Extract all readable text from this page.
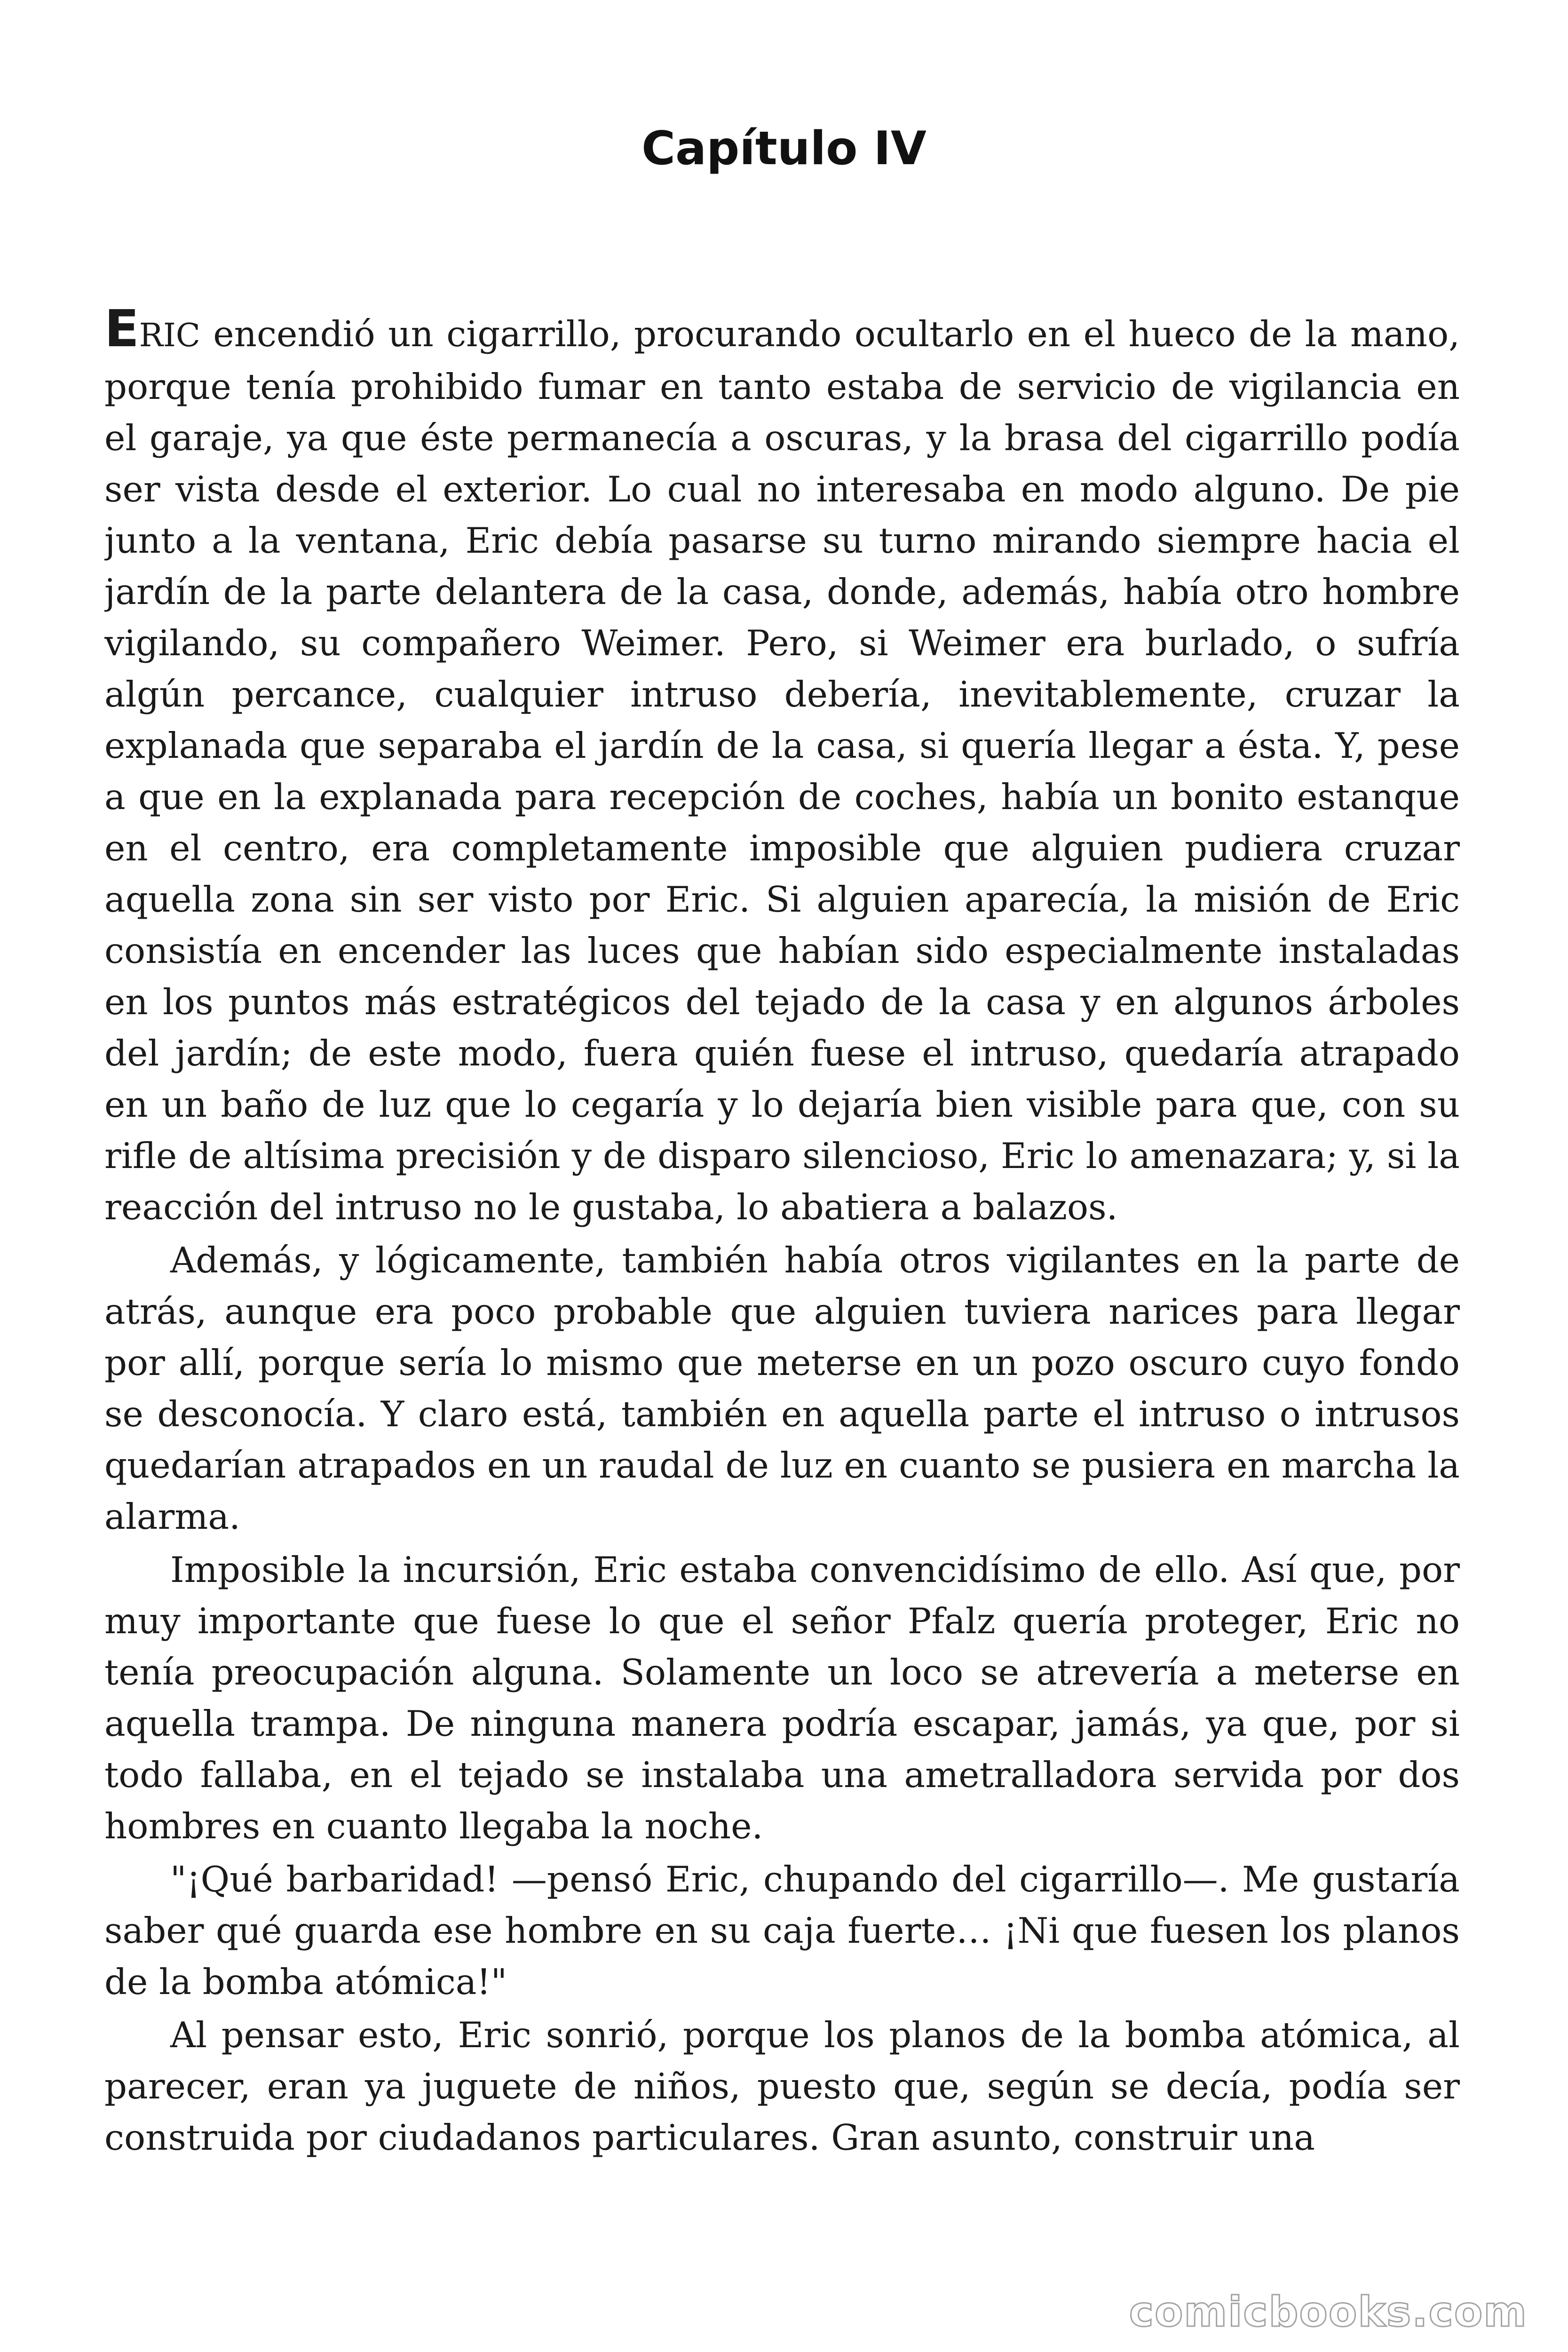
Capítulo IV

ERIC encendió un cigarrillo, procurando ocultarlo en el hueco de la mano, porque tenía prohibido fumar en tanto estaba de servicio de vigilancia en el garaje, ya que éste permanecía a oscuras, y la brasa del cigarrillo podía ser vista desde el exterior. Lo cual no interesaba en modo alguno. De pie junto a la ventana, Eric debía pasarse su turno mirando siempre hacia el jardín de la parte delantera de la casa, donde, además, había otro hombre vigilando, su compañero Weimer. Pero, si Weimer era burlado, o sufría algún percance, cualquier intruso debería, inevitablemente, cruzar la explanada que separaba el jardín de la casa, si quería llegar a ésta. Y, pese a que en la explanada para recepción de coches, había un bonito estanque en el centro, era completamente imposible que alguien pudiera cruzar aquella zona sin ser visto por Eric. Si alguien aparecía, la misión de Eric consistía en encender las luces que habían sido especialmente instaladas en los puntos más estratégicos del tejado de la casa y en algunos árboles del jardín; de este modo, fuera quién fuese el intruso, quedaría atrapado en un baño de luz que lo cegaría y lo dejaría bien visible para que, con su rifle de altísima precisión y de disparo silencioso, Eric lo amenazara; y, si la reacción del intruso no le gustaba, lo abatiera a balazos.

Además, y lógicamente, también había otros vigilantes en la parte de atrás, aunque era poco probable que alguien tuviera narices para llegar por allí, porque sería lo mismo que meterse en un pozo oscuro cuyo fondo se desconocía. Y claro está, también en aquella parte el intruso o intrusos quedarían atrapados en un raudal de luz en cuanto se pusiera en marcha la alarma.

Imposible la incursión, Eric estaba convencidísimo de ello. Así que, por muy importante que fuese lo que el señor Pfalz quería proteger, Eric no tenía preocupación alguna. Solamente un loco se atrevería a meterse en aquella trampa. De ninguna manera podría escapar, jamás, ya que, por si todo fallaba, en el tejado se instalaba una ametralladora servida por dos hombres en cuanto llegaba la noche.

"¡Qué barbaridad! —pensó Eric, chupando del cigarrillo—. Me gustaría saber qué guarda ese hombre en su caja fuerte… ¡Ni que fuesen los planos de la bomba atómica!"

Al pensar esto, Eric sonrió, porque los planos de la bomba atómica, al parecer, eran ya juguete de niños, puesto que, según se decía, podía ser construida por ciudadanos particulares. Gran asunto, construir una

comicbooks.com
